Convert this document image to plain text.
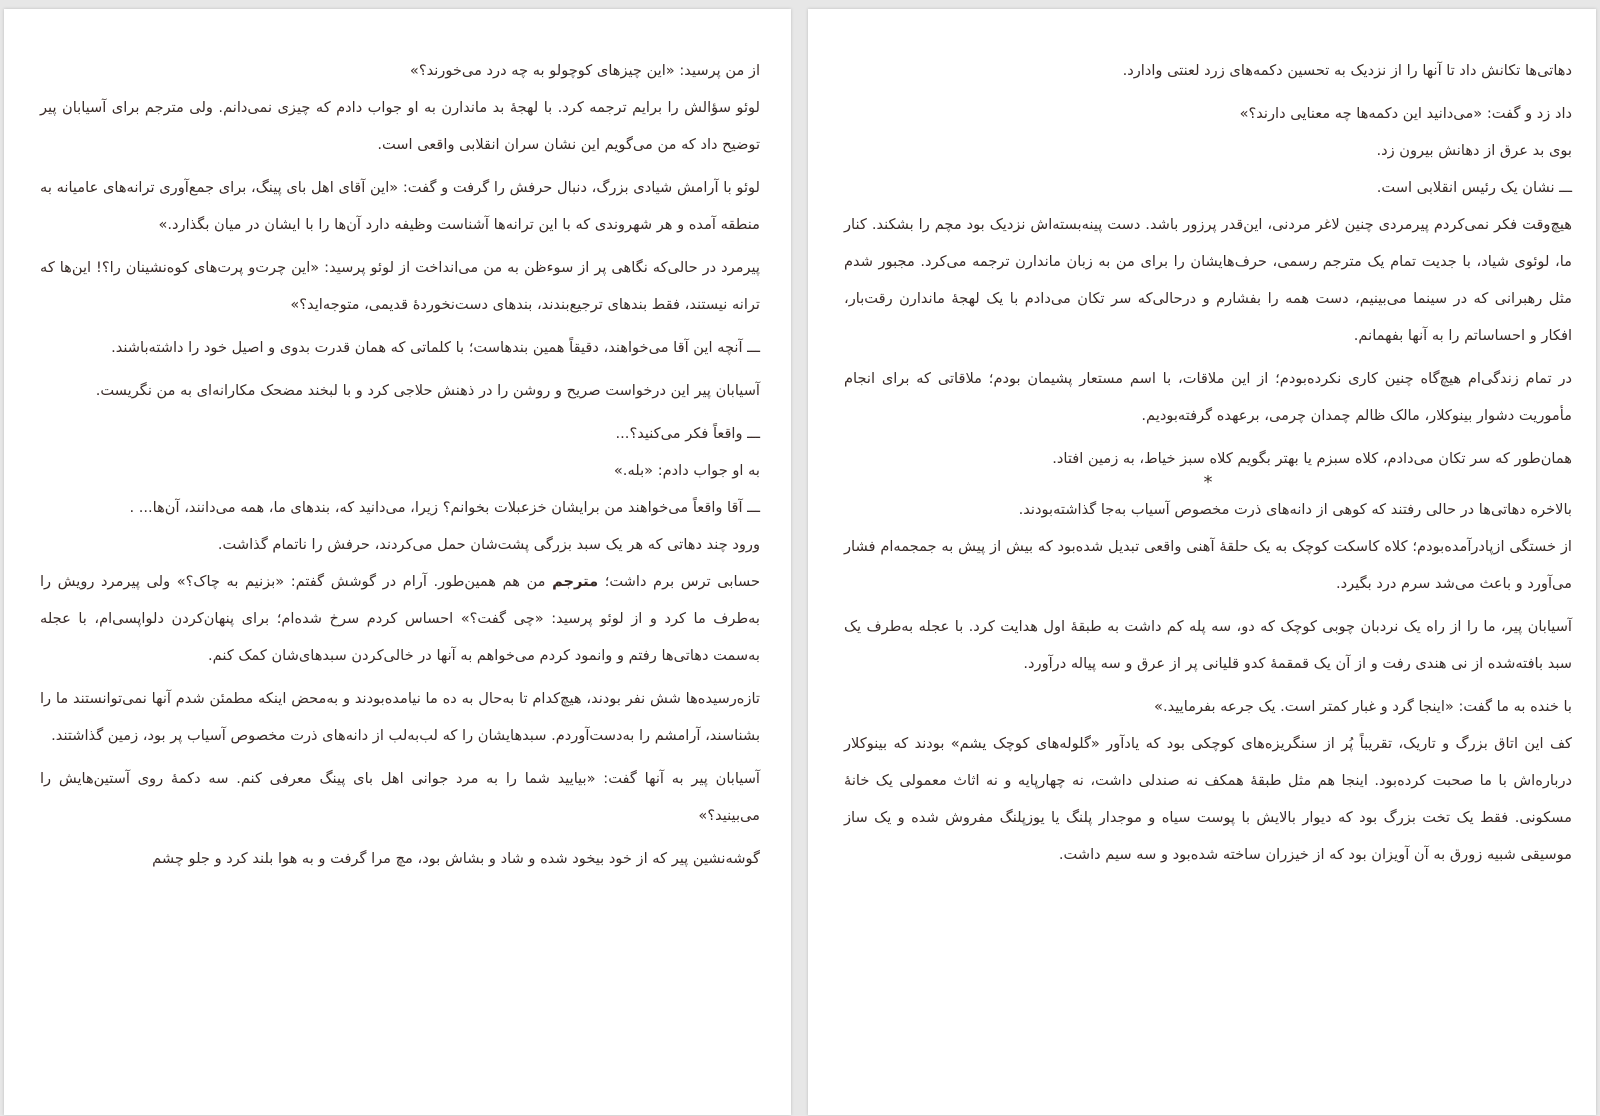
از من پرسید: «این چیزهای کوچولو به چه درد می‌خورند؟»

لوئو سؤالش را برایم ترجمه کرد. با لهجهٔ بد ماندارن به او جواب دادم که چیزی نمی‌دانم. ولی مترجم برای آسیابان پیر توضیح داد که من می‌گویم این نشان سران انقلابی واقعی است.

لوئو با آرامش شیادی بزرگ، دنبال حرفش را گرفت و گفت: «این آقای اهل بای پینگ، برای جمع‌آوری ترانه‌های عامیانه به منطقه آمده و هر شهروندی که با این ترانه‌ها آشناست وظیفه دارد آن‌ها را با ایشان در میان بگذارد.»

پیرمرد در حالی‌که نگاهی پر از سوءظن به من می‌انداخت از لوئو پرسید: «این چرت‌و پرت‌های کوه‌نشینان را؟! این‌ها که ترانه نیستند، فقط بندهای ترجیع‌بندند، بندهای دست‌نخوردهٔ قدیمی، متوجه‌اید؟»

ـــ آنچه این آقا می‌خواهند، دقیقاً همین بندهاست؛ با کلماتی که همان قدرت بدوی و اصیل خود را داشته‌باشند.

آسیابان پیر این درخواست صریح و روشن را در ذهنش حلاجی کرد و با لبخند مضحک مکارانه‌ای به من نگریست.

ـــ واقعاً فکر می‌کنید؟...

به او جواب دادم: «بله.»

ـــ آقا واقعاً می‌خواهند من برایشان خزعبلات بخوانم؟ زیرا، می‌دانید که، بندهای ما، همه می‌دانند، آن‌ها... .

ورود چند دهاتی که هر یک سبد بزرگی پشت‌شان حمل می‌کردند، حرفش را ناتمام گذاشت.

حسابی ترس برم داشت؛ مترجم من هم همین‌طور. آرام در گوشش گفتم: «بزنیم به چاک؟» ولی پیرمرد رویش را به‌طرف ما کرد و از لوئو پرسید: «چی گفت؟» احساس کردم سرخ شده‌ام؛ برای پنهان‌کردن دلواپسی‌ام، با عجله به‌سمت دهاتی‌ها رفتم و وانمود کردم می‌خواهم به آنها در خالی‌کردن سبدهای‌شان کمک کنم.

تازه‌رسیده‌ها شش نفر بودند، هیچ‌کدام تا به‌حال به ده ما نیامده‌بودند و به‌محض اینکه مطمئن شدم آنها نمی‌توانستند ما را بشناسند، آرامشم را به‌دست‌آوردم. سبدهایشان را که لب‌به‌لب از دانه‌های ذرت مخصوص آسیاب پر بود، زمین گذاشتند.

آسیابان پیر به آنها گفت: «بیایید شما را به مرد جوانی اهل بای پینگ معرفی کنم. سه دکمهٔ روی آستین‌هایش را می‌بینید؟»

گوشه‌نشین پیر که از خود بیخود شده و شاد و بشاش بود، مچ مرا گرفت و به هوا بلند کرد و جلو چشم

دهاتی‌ها تکانش داد تا آنها را از نزدیک به تحسین دکمه‌های زرد لعنتی وادارد.

داد زد و گفت: «می‌دانید این دکمه‌ها چه معنایی دارند؟»

بوی بد عرق از دهانش بیرون زد.

ـــ نشان یک رئیس انقلابی است.

هیچ‌وقت فکر نمی‌کردم پیرمردی چنین لاغر مردنی، این‌قدر پرزور باشد. دست پینه‌بسته‌اش نزدیک بود مچم را بشکند. کنار ما، لوئوی شیاد، با جدیت تمام یک مترجم رسمی، حرف‌هایشان را برای من به زبان ماندارن ترجمه می‌کرد. مجبور شدم مثل رهبرانی که در سینما می‌بینیم، دست همه را بفشارم و درحالی‌که سر تکان می‌دادم با یک لهجهٔ ماندارن رقت‌بار، افکار و احساساتم را به آنها بفهمانم.

در تمام زندگی‌ام هیچ‌گاه چنین کاری نکرده‌بودم؛ از این ملاقات، با اسم مستعار پشیمان بودم؛ ملاقاتی که برای انجام مأموریت دشوار بینوکلار، مالک ظالم چمدان چرمی، برعهده گرفته‌بودیم.

همان‌طور که سر تکان می‌دادم، کلاه سبزم یا بهتر بگویم کلاه سبز خیاط، به زمین افتاد.

*

بالاخره دهاتی‌ها در حالی رفتند که کوهی از دانه‌های ذرت مخصوص آسیاب به‌جا گذاشته‌بودند.

از خستگی ازپادرآمده‌بودم؛ کلاه کاسکت کوچک به یک حلقهٔ آهنی واقعی تبدیل شده‌بود که بیش از پیش به جمجمه‌ام فشار می‌آورد و باعث می‌شد سرم درد بگیرد.

آسیابان پیر، ما را از راه یک نردبان چوبی کوچک که دو، سه پله کم داشت به طبقهٔ اول هدایت کرد. با عجله به‌طرف یک سبد بافته‌شده از نی هندی رفت و از آن یک قمقمهٔ کدو قلیانی پر از عرق و سه پیاله درآورد.

با خنده به ما گفت: «اینجا گرد و غبار کمتر است. یک جرعه بفرمایید.»

کف این اتاق بزرگ و تاریک، تقریباً پُر از سنگریزه‌های کوچکی بود که یادآور «گلوله‌های کوچک یشم» بودند که بینوکلار درباره‌اش با ما صحبت کرده‌بود. اینجا هم مثل طبقهٔ همکف نه صندلی داشت، نه چهارپایه و نه اثاث معمولی یک خانهٔ مسکونی. فقط یک تخت بزرگ بود که دیوار بالایش با پوست سیاه و موجدار پلنگ یا یوزپلنگ مفروش شده و یک ساز موسیقی شبیه زورق به آن آویزان بود که از خیزران ساخته شده‌بود و سه سیم داشت.
